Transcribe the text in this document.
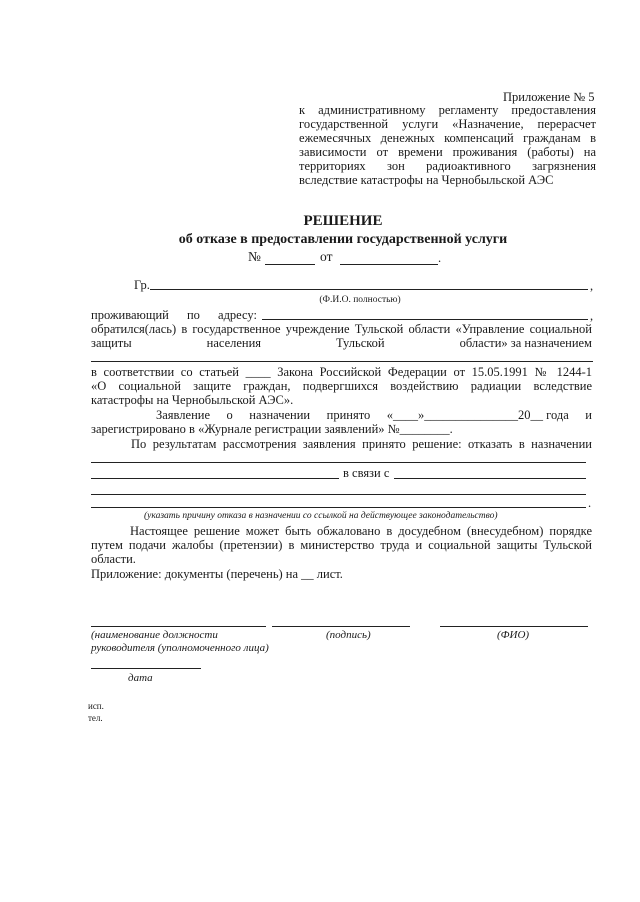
Приложение № 5
к административному регламенту предоставления
государственной услуги «Назначение, перерасчет
ежемесячных денежных компенсаций гражданам в
зависимости от времени проживания (работы) на
территориях зон радиоактивного загрязнения
вследствие катастрофы на Чернобыльской АЭС
РЕШЕНИЕ
об отказе в предоставлении государственной услуги
№	от	.
Гр.	,
(Ф.И.О. полностью)
проживающий по адресу:	,
обратился(лась) в государственное учреждение Тульской области «Управление социальной
защиты	населения	Тульской	области» за назначением
в соответствии со статьей ____ Закона Российской Федерации от 15.05.1991 № 1244-1
«О социальной защите граждан, подвергшихся воздействию радиации вследствие
катастрофы на Чернобыльской АЭС».
Заявление о назначении принято «____»_______________20__ года и
зарегистрировано в «Журнале регистрации заявлений» №________.
По результатам рассмотрения заявления принято решение: отказать в назначении
в связи с
.
(указать причину отказа в назначении со ссылкой на действующее законодательство)
Настоящее решение может быть обжаловано в досудебном (внесудебном) порядке
путем подачи жалобы (претензии) в министерство труда и социальной защиты Тульской
области.
Приложение: документы (перечень) на __ лист.
(наименование должности
руководителя (уполномоченного лица)
(подпись)	(ФИО)
дата
исп.
тел.
